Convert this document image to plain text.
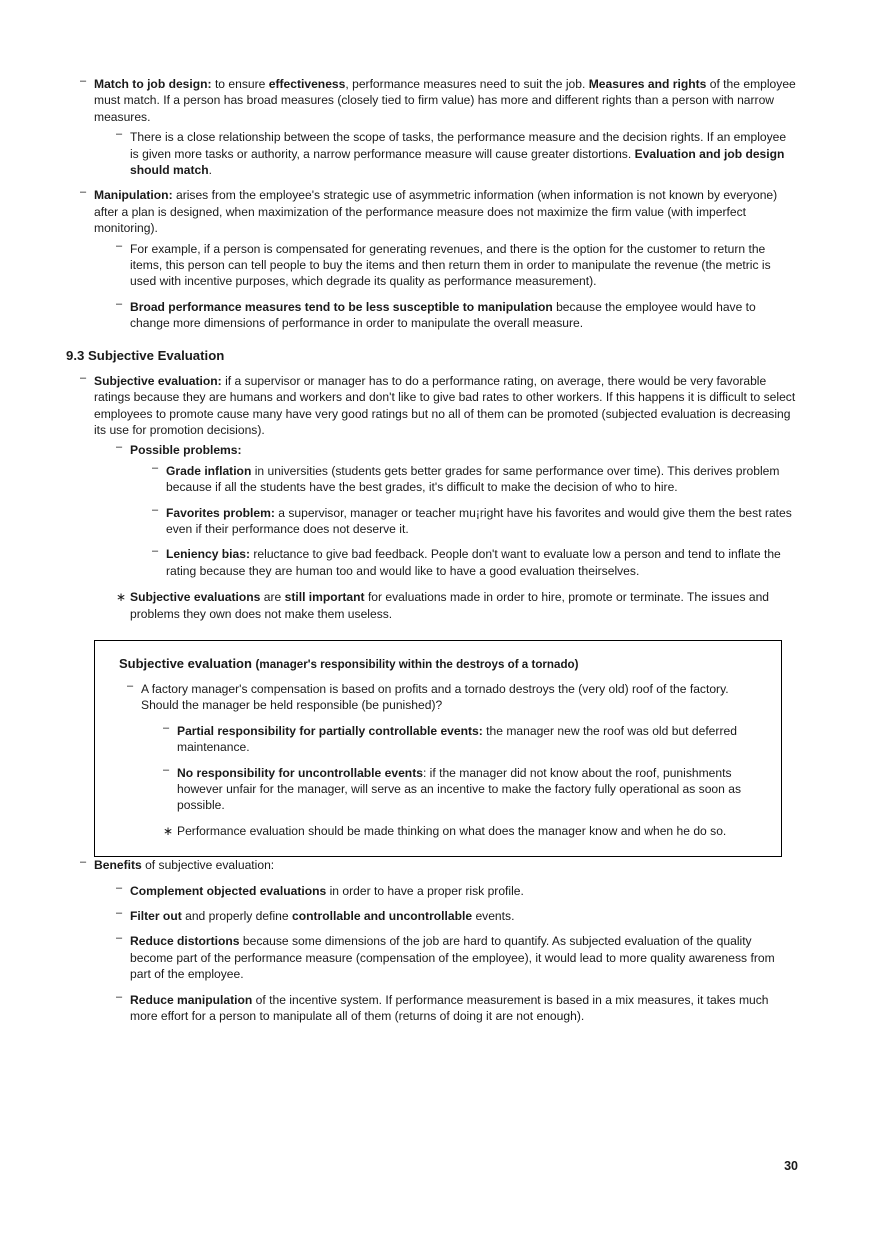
– Match to job design: to ensure effectiveness, performance measures need to suit the job. Measures and rights of the employee must match. If a person has broad measures (closely tied to firm value) has more and different rights than a person with narrow measures.
– There is a close relationship between the scope of tasks, the performance measure and the decision rights. If an employee is given more tasks or authority, a narrow performance measure will cause greater distortions. Evaluation and job design should match.
– Manipulation: arises from the employee's strategic use of asymmetric information (when information is not known by everyone) after a plan is designed, when maximization of the performance measure does not maximize the firm value (with imperfect monitoring).
– For example, if a person is compensated for generating revenues, and there is the option for the customer to return the items, this person can tell people to buy the items and then return them in order to manipulate the revenue (the metric is used with incentive purposes, which degrade its quality as performance measurement).
– Broad performance measures tend to be less susceptible to manipulation because the employee would have to change more dimensions of performance in order to manipulate the overall measure.
9.3 Subjective Evaluation
– Subjective evaluation: if a supervisor or manager has to do a performance rating, on average, there would be very favorable ratings because they are humans and workers and don't like to give bad rates to other workers. If this happens it is difficult to select employees to promote cause many have very good ratings but no all of them can be promoted (subjected evaluation is decreasing its use for promotion decisions).
– Possible problems:
– Grade inflation in universities (students gets better grades for same performance over time). This derives problem because if all the students have the best grades, it's difficult to make the decision of who to hire.
– Favorites problem: a supervisor, manager or teacher mu¡right have his favorites and would give them the best rates even if their performance does not deserve it.
– Leniency bias: reluctance to give bad feedback. People don't want to evaluate low a person and tend to inflate the rating because they are human too and would like to have a good evaluation theirselves.
∗ Subjective evaluations are still important for evaluations made in order to hire, promote or terminate. The issues and problems they own does not make them useless.
Subjective evaluation (manager's responsibility within the destroys of a tornado)
– A factory manager's compensation is based on profits and a tornado destroys the (very old) roof of the factory. Should the manager be held responsible (be punished)?
– Partial responsibility for partially controllable events: the manager new the roof was old but deferred maintenance.
– No responsibility for uncontrollable events: if the manager did not know about the roof, punishments however unfair for the manager, will serve as an incentive to make the factory fully operational as soon as possible.
∗ Performance evaluation should be made thinking on what does the manager know and when he do so.
– Benefits of subjective evaluation:
– Complement objected evaluations in order to have a proper risk profile.
– Filter out and properly define controllable and uncontrollable events.
– Reduce distortions because some dimensions of the job are hard to quantify. As subjected evaluation of the quality become part of the performance measure (compensation of the employee), it would lead to more quality awareness from part of the employee.
– Reduce manipulation of the incentive system. If performance measurement is based in a mix measures, it takes much more effort for a person to manipulate all of them (returns of doing it are not enough).
30
